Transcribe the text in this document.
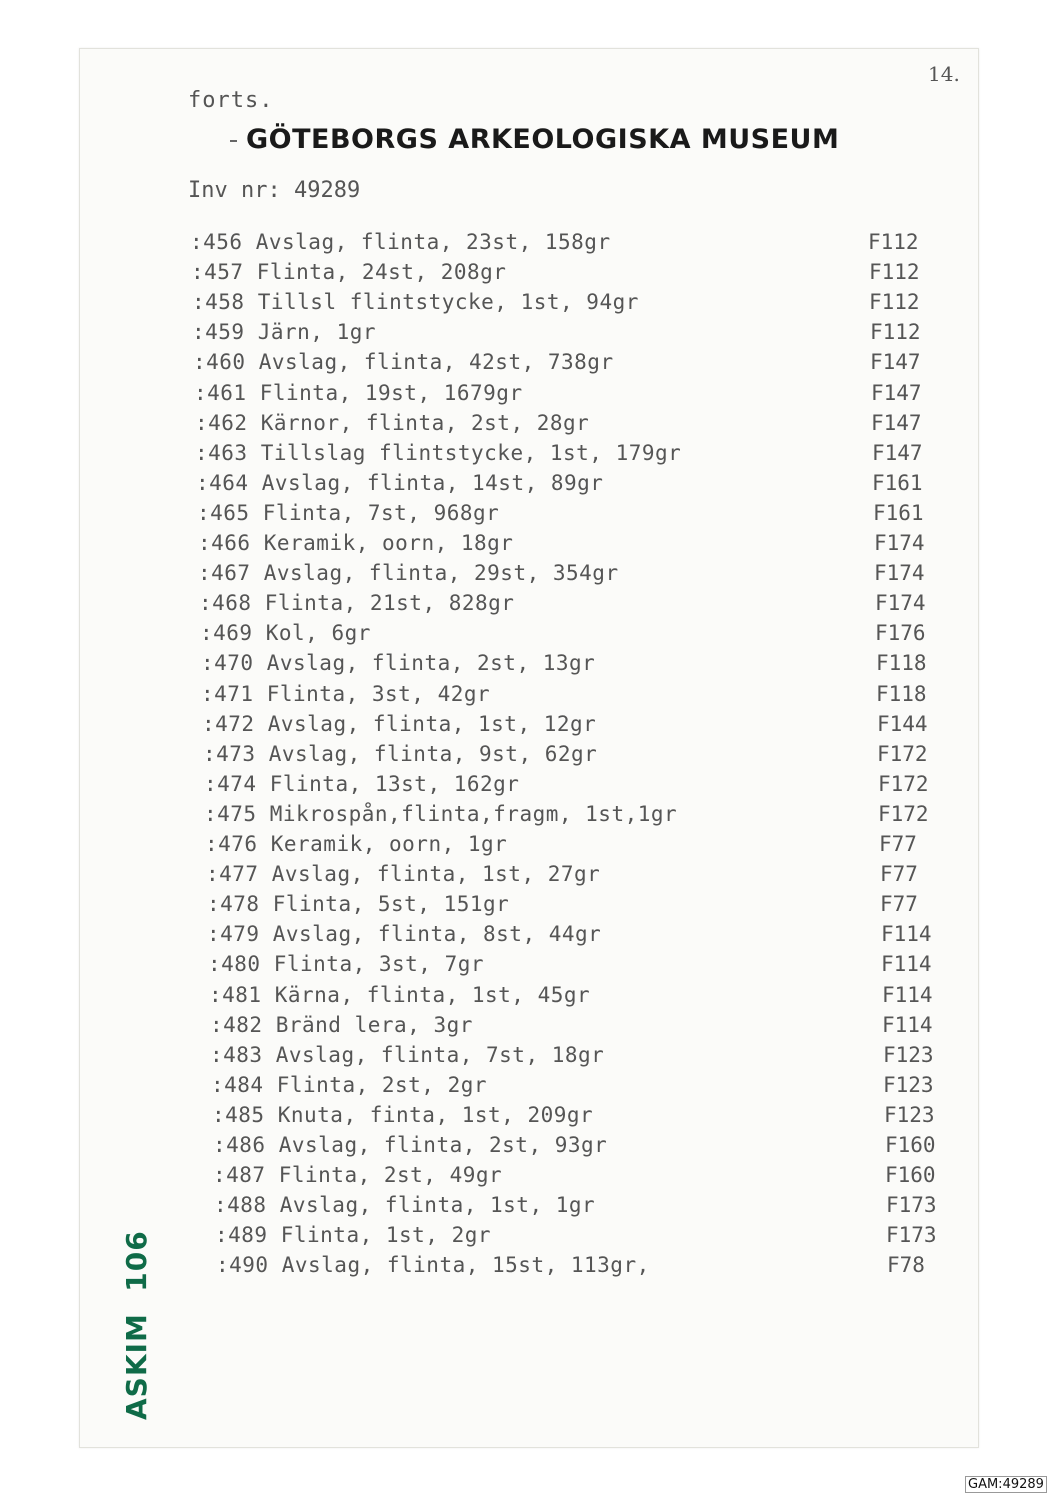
forts.
GÖTEBORGS ARKEOLOGISKA MUSEUM
Inv nr: 49289
14.
:456 Avslag, flinta, 23st, 158gr	F112
:457 Flinta, 24st, 208gr	F112
:458 Tillsl flintstycke, 1st, 94gr	F112
:459 Järn, 1gr	F112
:460 Avslag, flinta, 42st, 738gr	F147
:461 Flinta, 19st, 1679gr	F147
:462 Kärnor, flinta, 2st, 28gr	F147
:463 Tillslag flintstycke, 1st, 179gr	F147
:464 Avslag, flinta, 14st, 89gr	F161
:465 Flinta, 7st, 968gr	F161
:466 Keramik, oorn, 18gr	F174
:467 Avslag, flinta, 29st, 354gr	F174
:468 Flinta, 21st, 828gr	F174
:469 Kol, 6gr	F176
:470 Avslag, flinta, 2st, 13gr	F118
:471 Flinta, 3st, 42gr	F118
:472 Avslag, flinta, 1st, 12gr	F144
:473 Avslag, flinta, 9st, 62gr	F172
:474 Flinta, 13st, 162gr	F172
:475 Mikrospån,flinta,fragm, 1st,1gr	F172
:476 Keramik, oorn, 1gr	F77
:477 Avslag, flinta, 1st, 27gr	F77
:478 Flinta, 5st, 151gr	F77
:479 Avslag, flinta, 8st, 44gr	F114
:480 Flinta, 3st, 7gr	F114
:481 Kärna, flinta, 1st, 45gr	F114
:482 Bränd lera, 3gr	F114
:483 Avslag, flinta, 7st, 18gr	F123
:484 Flinta, 2st, 2gr	F123
:485 Knuta, finta, 1st, 209gr	F123
:486 Avslag, flinta, 2st, 93gr	F160
:487 Flinta, 2st, 49gr	F160
:488 Avslag, flinta, 1st, 1gr	F173
:489 Flinta, 1st, 2gr	F173
:490 Avslag, flinta, 15st, 113gr,	F78
ASKIM  106
GAM:49289
